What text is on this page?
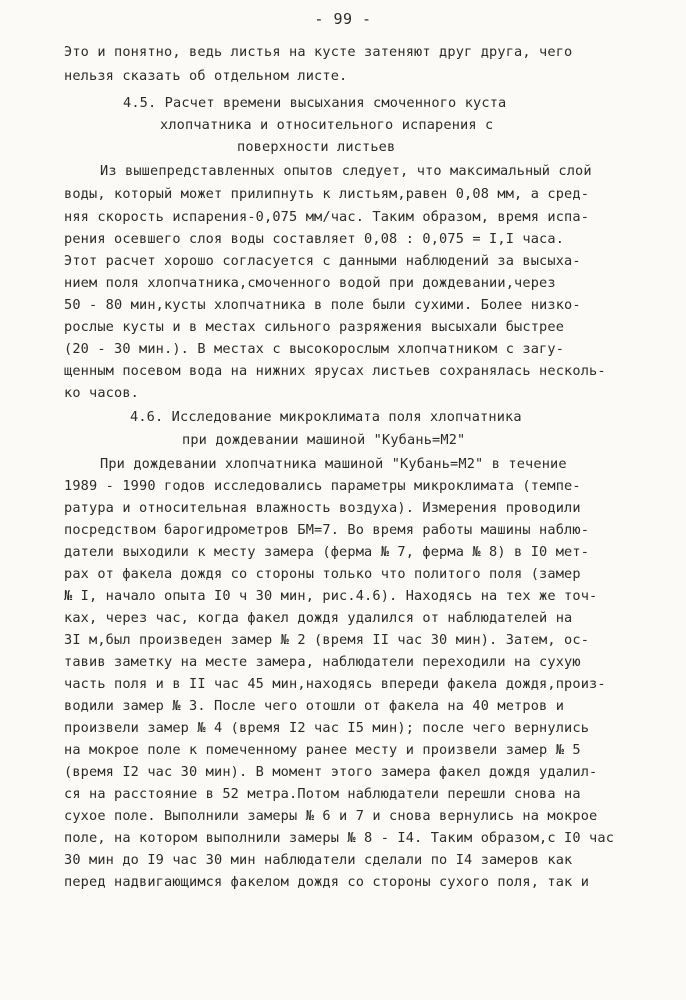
- 99 -
Это и понятно, ведь листья на кусте затеняют друг друга, чего
нельзя сказать об отдельном листе.
4.5. Расчет времени высыхания смоченного куста
хлопчатника и относительного испарения с
поверхности листьев
Из вышепредставленных опытов следует, что максимальный слой
воды, который может прилипнуть к листьям,равен 0,08 мм, а сред-
няя скорость испарения-0,075 мм/час. Таким образом, время испа-
рения осевшего слоя воды составляет 0,08 : 0,075 = I,I часа.
Этот расчет хорошо согласуется с данными наблюдений за высыха-
нием поля хлопчатника,смоченного водой при дождевании,через
50 - 80 мин,кусты хлопчатника в поле были сухими. Более низко-
рослые кусты и в местах сильного разряжения высыхали быстрее
(20 - 30 мин.). В местах с высокорослым хлопчатником с загу-
щенным посевом вода на нижних ярусах листьев сохранялась несколь-
ко часов.
4.6. Исследование микроклимата поля хлопчатника
при дождевании машиной "Кубань=М2"
При дождевании хлопчатника машиной "Кубань=М2" в течение
1989 - 1990 годов исследовались параметры микроклимата (темпе-
ратура и относительная влажность воздуха). Измерения проводили
посредством барогидрометров БМ=7. Во время работы машины наблю-
датели выходили к месту замера (ферма № 7, ферма № 8) в I0 мет-
рах от факела дождя со стороны только что политого поля (замер
№ I, начало опыта I0 ч 30 мин, рис.4.6). Находясь на тех же точ-
ках, через час, когда факел дождя удалился от наблюдателей на
3I м,был произведен замер № 2 (время II час 30 мин). Затем, ос-
тавив заметку на месте замера, наблюдатели переходили на сухую
часть поля и в II час 45 мин,находясь впереди факела дождя,произ-
водили замер № 3. После чего отошли от факела на 40 метров и
произвели замер № 4 (время I2 час I5 мин); после чего вернулись
на мокрое поле к помеченному ранее месту и произвели замер № 5
(время I2 час 30 мин). В момент этого замера факел дождя удалил-
ся на расстояние в 52 метра.Потом наблюдатели перешли снова на
сухое поле. Выполнили замеры № 6 и 7 и снова вернулись на мокрое
поле, на котором выполнили замеры № 8 - I4. Таким образом,с I0 час
30 мин до I9 час 30 мин наблюдатели сделали по I4 замеров как
перед надвигающимся факелом дождя со стороны сухого поля, так и
